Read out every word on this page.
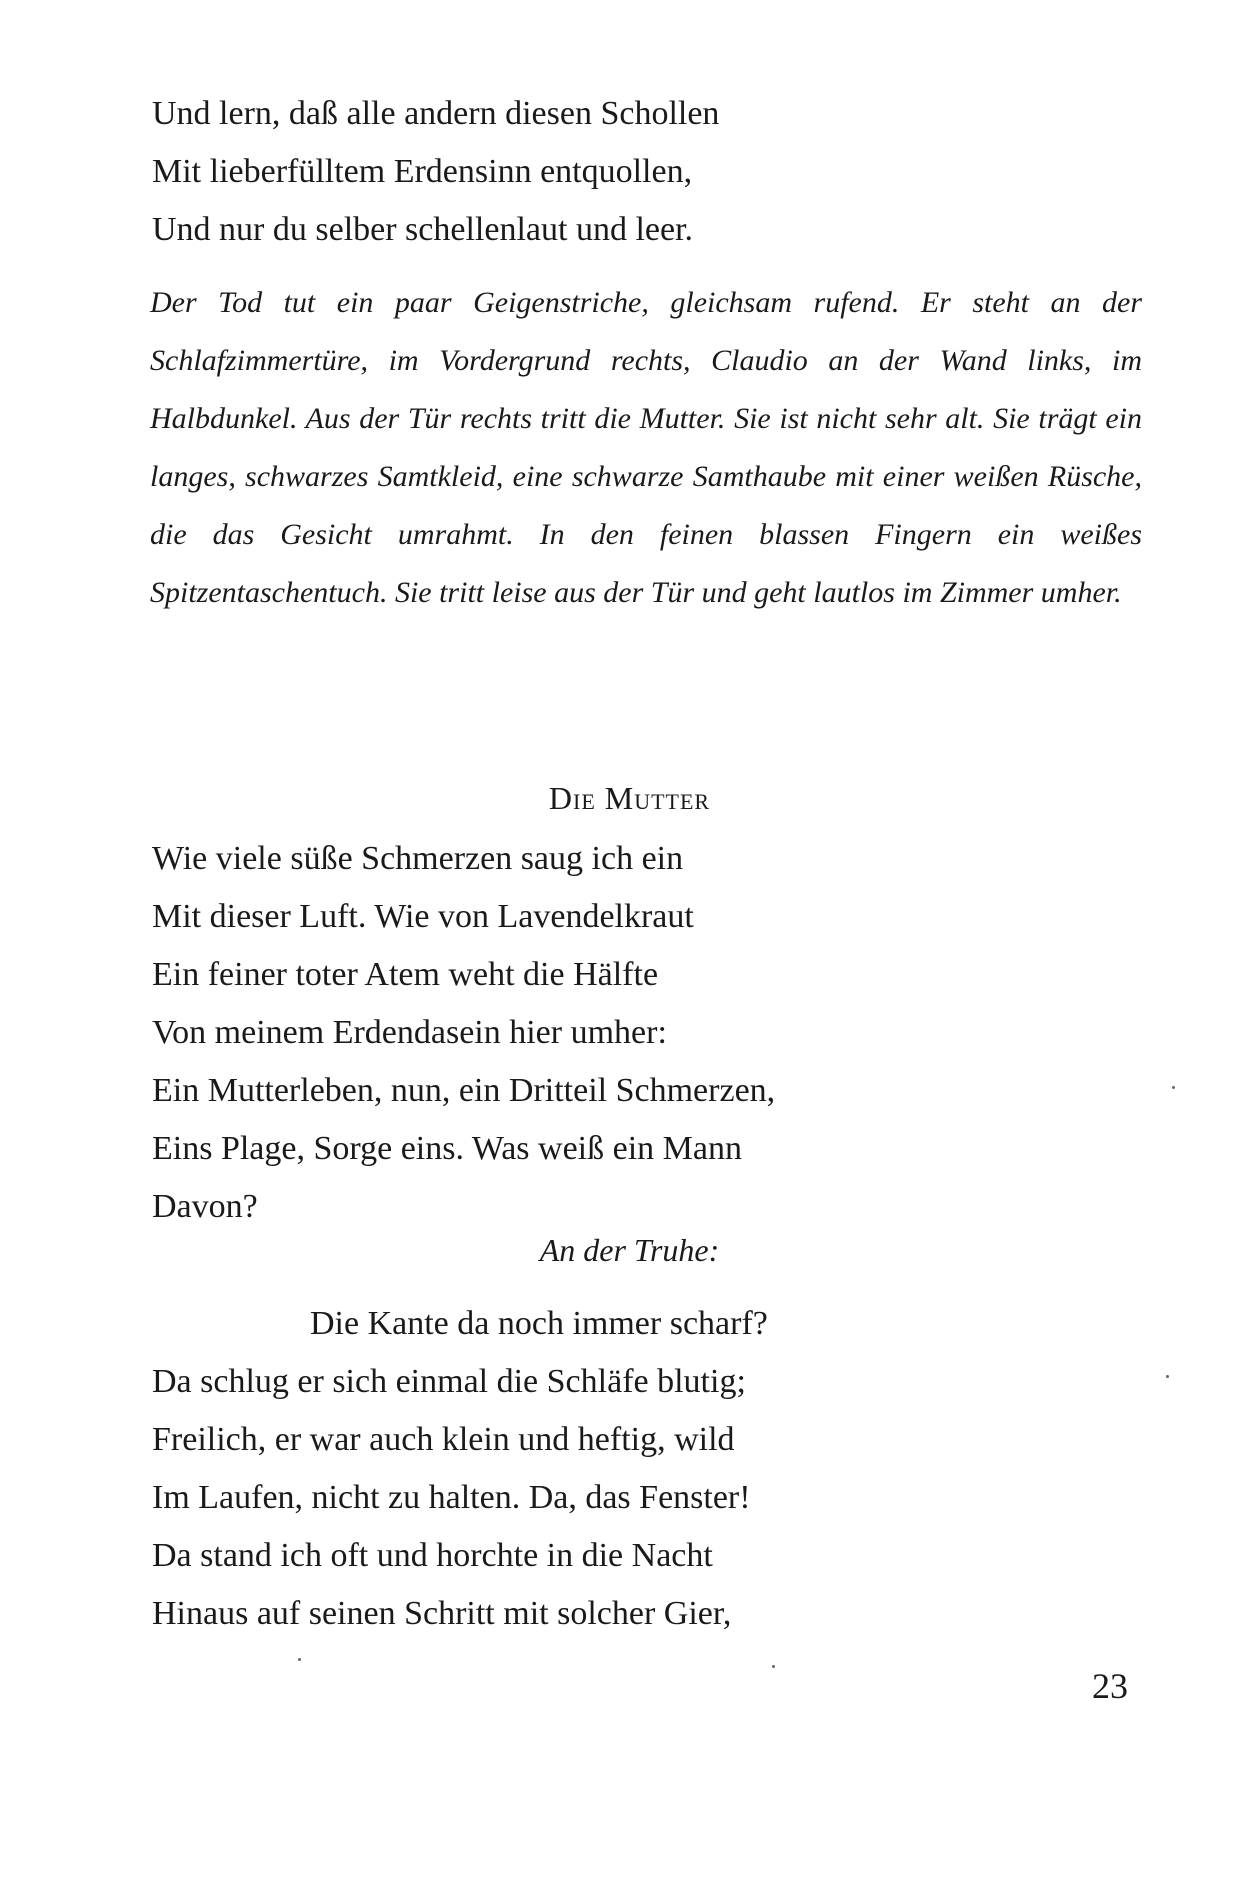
Und lern, daß alle andern diesen Schollen
Mit lieberfülltem Erdensinn entquollen,
Und nur du selber schellenlaut und leer.

Der Tod tut ein paar Geigenstriche, gleichsam rufend. Er steht an der Schlafzimmertüre, im Vordergrund rechts, Claudio an der Wand links, im Halbdunkel. Aus der Tür rechts tritt die Mutter. Sie ist nicht sehr alt. Sie trägt ein langes, schwarzes Samtkleid, eine schwarze Samthaube mit einer weißen Rüsche, die das Gesicht umrahmt. In den feinen blassen Fingern ein weißes Spitzentaschentuch. Sie tritt leise aus der Tür und geht lautlos im Zimmer umher.

Die Mutter

Wie viele süße Schmerzen saug ich ein
Mit dieser Luft. Wie von Lavendelkraut
Ein feiner toter Atem weht die Hälfte
Von meinem Erdendasein hier umher:
Ein Mutterleben, nun, ein Dritteil Schmerzen,
Eins Plage, Sorge eins. Was weiß ein Mann
Davon?
An der Truhe:
Die Kante da noch immer scharf?
Da schlug er sich einmal die Schläfe blutig;
Freilich, er war auch klein und heftig, wild
Im Laufen, nicht zu halten. Da, das Fenster!
Da stand ich oft und horchte in die Nacht
Hinaus auf seinen Schritt mit solcher Gier,
23
